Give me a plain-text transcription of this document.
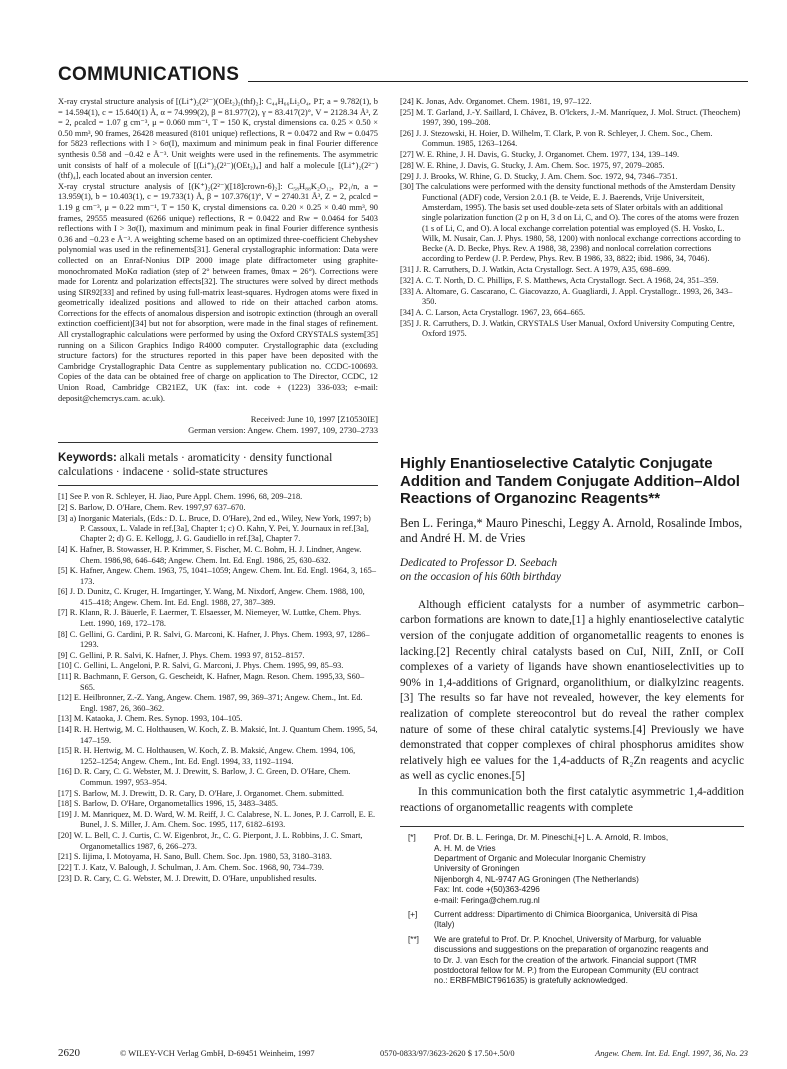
COMMUNICATIONS

X-ray crystal structure analysis of [(Li⁺)₂(2²⁻)(OEt₂)₂(thf)₂]: C₄₄H₆₆Li₂O₄, P1̄, a = 9.782(1), b = 14.594(1), c = 15.640(1) Å, α = 74.999(2), β = 81.977(2), γ = 83.417(2)°, V = 2128.34 Å³, Z = 2, ρcalcd = 1.07 g cm⁻³, μ = 0.060 mm⁻¹, T = 150 K, crystal dimensions ca. 0.25 × 0.50 × 0.50 mm³, 90 frames, 26428 measured (8101 unique) reflections, R = 0.0472 and Rw = 0.0475 for 5823 reflections with I > 6σ(I), maximum and minimum peak in final Fourier difference synthesis 0.58 and −0.42 e Å⁻³. Unit weights were used in the refinements. The asymmetric unit consists of half of a molecule of [(Li⁺)₂(2²⁻)(OEt₂)₄] and half a molecule [(Li⁺)₂(2²⁻)(thf)₄], each located about an inversion center.

X-ray crystal structure analysis of [(K⁺)₂(2²⁻)([18]crown-6)₂]: C₅₈H₈₈K₂O₁₂, P2₁/n, a = 13.959(1), b = 10.403(1), c = 19.733(1) Å, β = 107.376(1)°, V = 2740.31 Å³, Z = 2, ρcalcd = 1.19 g cm⁻³, μ = 0.22 mm⁻¹, T = 150 K, crystal dimensions ca. 0.20 × 0.25 × 0.40 mm³, 90 frames, 29555 measured (6266 unique) reflections, R = 0.0422 and Rw = 0.0464 for 5403 reflections with I > 3σ(I), maximum and minimum peak in final Fourier difference synthesis 0.36 and −0.23 e Å⁻³. A weighting scheme based on an optimized three-coefficient Chebyshev polynomial was used in the refinements[31]. General crystallographic information: Data were collected on an Enraf-Nonius DIP 2000 image plate diffractometer using graphite-monochromated MoKα radiation (step of 2° between frames, θmax = 26°). Corrections were made for Lorentz and polarization effects[32]. The structures were solved by direct methods using SIR92[33] and refined by using full-matrix least-squares. Hydrogen atoms were fixed in geometrically idealized positions and allowed to ride on their attached carbon atoms. Corrections for the effects of anomalous dispersion and isotropic extinction (through an overall extinction coefficient)[34] but not for absorption, were made in the final stages of refinement. All crystallographic calculations were performed by using the Oxford CRYSTALS system[35] running on a Silicon Graphics Indigo R4000 computer. Crystallographic data (excluding structure factors) for the structures reported in this paper have been deposited with the Cambridge Crystallographic Data Centre as supplementary publication no. CCDC-100693. Copies of the data can be obtained free of charge on application to The Director, CCDC, 12 Union Road, Cambridge CB21EZ, UK (fax: int. code + (1223) 336-033; e-mail: deposit@chemcrys.cam. ac.uk).

Received: June 10, 1997 [Z10530IE]
German version: Angew. Chem. 1997, 109, 2730–2733
Keywords: alkali metals · aromaticity · density functional calculations · indacene · solid-state structures
[1] See P. von R. Schleyer, H. Jiao, Pure Appl. Chem. 1996, 68, 209–218.
[2] S. Barlow, D. O'Hare, Chem. Rev. 1997,97 637–670.
[3] a) Inorganic Materials, (Eds.: D. L. Bruce, D. O'Hare), 2nd ed., Wiley, New York, 1997; b) P. Cassoux, L. Valade in ref.[3a], Chapter 1; c) O. Kahn, Y. Pei, Y. Journaux in ref.[3a], Chapter 2; d) G. E. Kellogg, J. G. Gaudiello in ref.[3a], Chapter 7.
[4] K. Hafner, B. Stowasser, H. P. Krimmer, S. Fischer, M. C. Bohm, H. J. Lindner, Angew. Chem. 1986,98, 646–648; Angew. Chem. Int. Ed. Engl. 1986, 25, 630–632.
[5] K. Hafner, Angew. Chem. 1963, 75, 1041–1059; Angew. Chem. Int. Ed. Engl. 1964, 3, 165–173.
[6] J. D. Dunitz, C. Kruger, H. Irngartinger, Y. Wang, M. Nixdorf, Angew. Chem. 1988, 100, 415–418; Angew. Chem. Int. Ed. Engl. 1988, 27, 387–389.
[7] R. Klann, R. J. Bäuerle, F. Laermer, T. Elsaesser, M. Niemeyer, W. Luttke, Chem. Phys. Lett. 1990, 169, 172–178.
[8] C. Gellini, G. Cardini, P. R. Salvi, G. Marconi, K. Hafner, J. Phys. Chem. 1993, 97, 1286–1293.
[9] C. Gellini, P. R. Salvi, K. Hafner, J. Phys. Chem. 1993 97, 8152–8157.
[10] C. Gellini, L. Angeloni, P. R. Salvi, G. Marconi, J. Phys. Chem. 1995, 99, 85–93.
[11] R. Bachmann, F. Gerson, G. Gescheidt, K. Hafner, Magn. Reson. Chem. 1995,33, S60–S65.
[12] E. Heilbronner, Z.-Z. Yang, Angew. Chem. 1987, 99, 369–371; Angew. Chem., Int. Ed. Engl. 1987, 26, 360–362.
[13] M. Kataoka, J. Chem. Res. Synop. 1993, 104–105.
[14] R. H. Hertwig, M. C. Holthausen, W. Koch, Z. B. Maksić, Int. J. Quantum Chem. 1995, 54, 147–159.
[15] R. H. Hertwig, M. C. Holthausen, W. Koch, Z. B. Maksić, Angew. Chem. 1994, 106, 1252–1254; Angew. Chem., Int. Ed. Engl. 1994, 33, 1192–1194.
[16] D. R. Cary, C. G. Webster, M. J. Drewitt, S. Barlow, J. C. Green, D. O'Hare, Chem. Commun. 1997, 953–954.
[17] S. Barlow, M. J. Drewitt, D. R. Cary, D. O'Hare, J. Organomet. Chem. submitted.
[18] S. Barlow, D. O'Hare, Organometallics 1996, 15, 3483–3485.
[19] J. M. Manriquez, M. D. Ward, W. M. Reiff, J. C. Calabrese, N. L. Jones, P. J. Carroll, E. E. Bunel, J. S. Miller, J. Am. Chem. Soc. 1995, 117, 6182–6193.
[20] W. L. Bell, C. J. Curtis, C. W. Eigenbrot, Jr., C. G. Pierpont, J. L. Robbins, J. C. Smart, Organometallics 1987, 6, 266–273.
[21] S. Iijima, I. Motoyama, H. Sano, Bull. Chem. Soc. Jpn. 1980, 53, 3180–3183.
[22] T. J. Katz, V. Balough, J. Schulman, J. Am. Chem. Soc. 1968, 90, 734–739.
[23] D. R. Cary, C. G. Webster, M. J. Drewitt, D. O'Hare, unpublished results.
[24] K. Jonas, Adv. Organomet. Chem. 1981, 19, 97–122.
[25] M. T. Garland, J.-Y. Saillard, I. Chávez, B. O'lckers, J.-M. Manríquez, J. Mol. Struct. (Theochem) 1997, 390, 199–208.
[26] J. J. Stezowski, H. Hoier, D. Wilhelm, T. Clark, P. von R. Schleyer, J. Chem. Soc., Chem. Commun. 1985, 1263–1264.
[27] W. E. Rhine, J. H. Davis, G. Stucky, J. Organomet. Chem. 1977, 134, 139–149.
[28] W. E. Rhine, J. Davis, G. Stucky, J. Am. Chem. Soc. 1975, 97, 2079–2085.
[29] J. J. Brooks, W. Rhine, G. D. Stucky, J. Am. Chem. Soc. 1972, 94, 7346–7351.
[30] The calculations were performed with the density functional methods of the Amsterdam Density Functional (ADF) code, Version 2.0.1 (B. te Veide, E. J. Baerends, Vrije Universiteit, Amsterdam, 1995). The basis set used double-zeta sets of Slater orbitals with an additional single polarization function (2 p on H, 3 d on Li, C, and O). The cores of the atoms were frozen (1 s of Li, C, and O). A local exchange correlation potential was employed (S. H. Vosko, L. Wilk, M. Nusair, Can. J. Phys. 1980, 58, 1200) with nonlocal exchange corrections according to Becke (A. D. Becke, Phys. Rev. A 1988, 38, 2398) and nonlocal correlation corrections according to Perdew (J. P. Perdew, Phys. Rev. B 1986, 33, 8822; ibid. 1986, 34, 7046).
[31] J. R. Carruthers, D. J. Watkin, Acta Crystallogr. Sect. A 1979, A35, 698–699.
[32] A. C. T. North, D. C. Phillips, F. S. Matthews, Acta Crystallogr. Sect. A 1968, 24, 351–359.
[33] A. Altomare, G. Cascarano, C. Giacovazzo, A. Guagliardi, J. Appl. Crystallogr.. 1993, 26, 343–350.
[34] A. C. Larson, Acta Crystallogr. 1967, 23, 664–665.
[35] J. R. Carruthers, D. J. Watkin, CRYSTALS User Manual, Oxford University Computing Centre, Oxford 1975.
Highly Enantioselective Catalytic Conjugate Addition and Tandem Conjugate Addition–Aldol Reactions of Organozinc Reagents**
Ben L. Feringa,* Mauro Pineschi, Leggy A. Arnold, Rosalinde Imbos, and André H. M. de Vries
Dedicated to Professor D. Seebach
on the occasion of his 60th birthday

Although efficient catalysts for a number of asymmetric carbon–carbon formations are known to date,[1] a highly enantioselective catalytic version of the conjugate addition of organometallic reagents to enones is lacking.[2] Recently chiral catalysts based on CuI, NiII, ZnII, or CoII complexes of a variety of ligands have shown enantioselectivities up to 90% in 1,4-additions of Grignard, organolithium, or dialkylzinc reagents.[3] The results so far have not revealed, however, the key elements for realization of complete stereocontrol but do reveal the rather complex nature of some of these chiral catalytic systems.[4] Previously we have demonstrated that copper complexes of chiral phosphorus amidites show relatively high ee values for the 1,4-adducts of R₂Zn reagents and acyclic as well as cyclic enones.[5]

In this communication both the first catalytic asymmetric 1,4-addition reactions of organometallic reagents with complete

[*] Prof. Dr. B. L. Feringa, Dr. M. Pineschi,[+] L. A. Arnold, R. Imbos,
A. H. M. de Vries
Department of Organic and Molecular Inorganic Chemistry
University of Groningen
Nijenborgh 4, NL-9747 AG Groningen (The Netherlands)
Fax: Int. code +(50)363-4296
e-mail: Feringa@chem.rug.nl
[+] Current address: Dipartimento di Chimica Bioorganica, Università di Pisa
(Italy)
[**] We are grateful to Prof. Dr. P. Knochel, University of Marburg, for valuable
discussions and suggestions on the preparation of organozinc reagents and
to Dr. J. van Esch for the creation of the artwork. Financial support (TMR
postdoctoral fellow for M. P.) from the European Community (EU contract
no.: ERBFMBICT961635) is gratefully acknowledged.
2620	© WILEY-VCH Verlag GmbH, D-69451 Weinheim, 1997	0570-0833/97/3623-2620 $ 17.50+.50/0	Angew. Chem. Int. Ed. Engl. 1997, 36, No. 23
